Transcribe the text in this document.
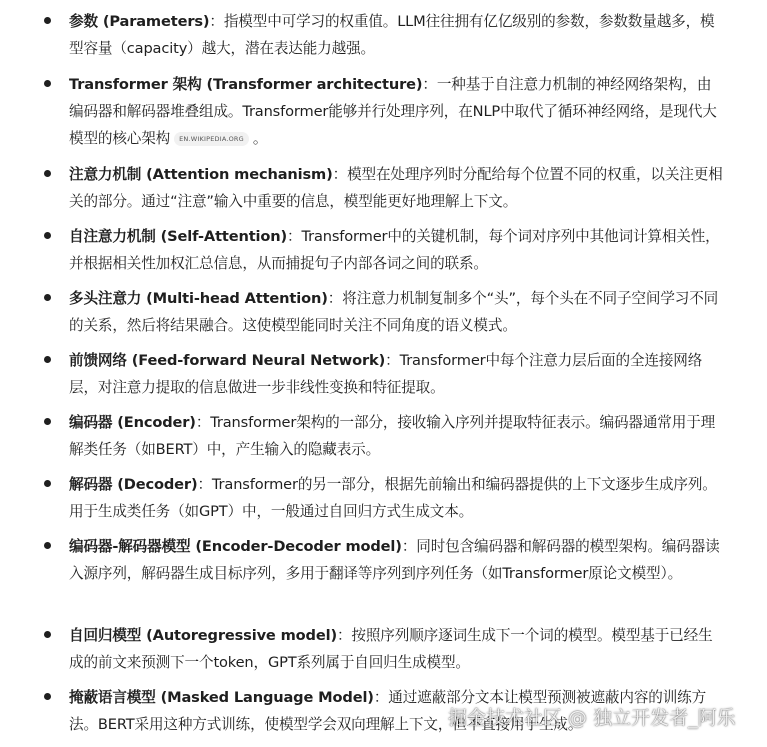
参数 (Parameters)：指模型中可学习的权重值。LLM往往拥有亿亿级别的参数，参数数量越多，模型容量（capacity）越大，潜在表达能力越强。
Transformer 架构 (Transformer architecture)：一种基于自注意力机制的神经网络架构，由编码器和解码器堆叠组成。Transformer能够并行处理序列，在NLP中取代了循环神经网络，是现代大模型的核心架构 EN.WIKIPEDIA.ORG 。
注意力机制 (Attention mechanism)：模型在处理序列时分配给每个位置不同的权重，以关注更相关的部分。通过“注意”输入中重要的信息，模型能更好地理解上下文。
自注意力机制 (Self-Attention)：Transformer中的关键机制，每个词对序列中其他词计算相关性，并根据相关性加权汇总信息，从而捕捉句子内部各词之间的联系。
多头注意力 (Multi-head Attention)：将注意力机制复制多个“头”，每个头在不同子空间学习不同的关系，然后将结果融合。这使模型能同时关注不同角度的语义模式。
前馈网络 (Feed-forward Neural Network)：Transformer中每个注意力层后面的全连接网络层，对注意力提取的信息做进一步非线性变换和特征提取。
编码器 (Encoder)：Transformer架构的一部分，接收输入序列并提取特征表示。编码器通常用于理解类任务（如BERT）中，产生输入的隐藏表示。
解码器 (Decoder)：Transformer的另一部分，根据先前输出和编码器提供的上下文逐步生成序列。用于生成类任务（如GPT）中，一般通过自回归方式生成文本。
编码器-解码器模型 (Encoder-Decoder model)：同时包含编码器和解码器的模型架构。编码器读入源序列，解码器生成目标序列，多用于翻译等序列到序列任务（如Transformer原论文模型）。
自回归模型 (Autoregressive model)：按照序列顺序逐词生成下一个词的模型。模型基于已经生成的前文来预测下一个token，GPT系列属于自回归生成模型。
掩蔽语言模型 (Masked Language Model)：通过遮蔽部分文本让模型预测被遮蔽内容的训练方法。BERT采用这种方式训练，使模型学会双向理解上下文，但不直接用于生成。
掘金技术社区 @ 独立开发者_阿乐
